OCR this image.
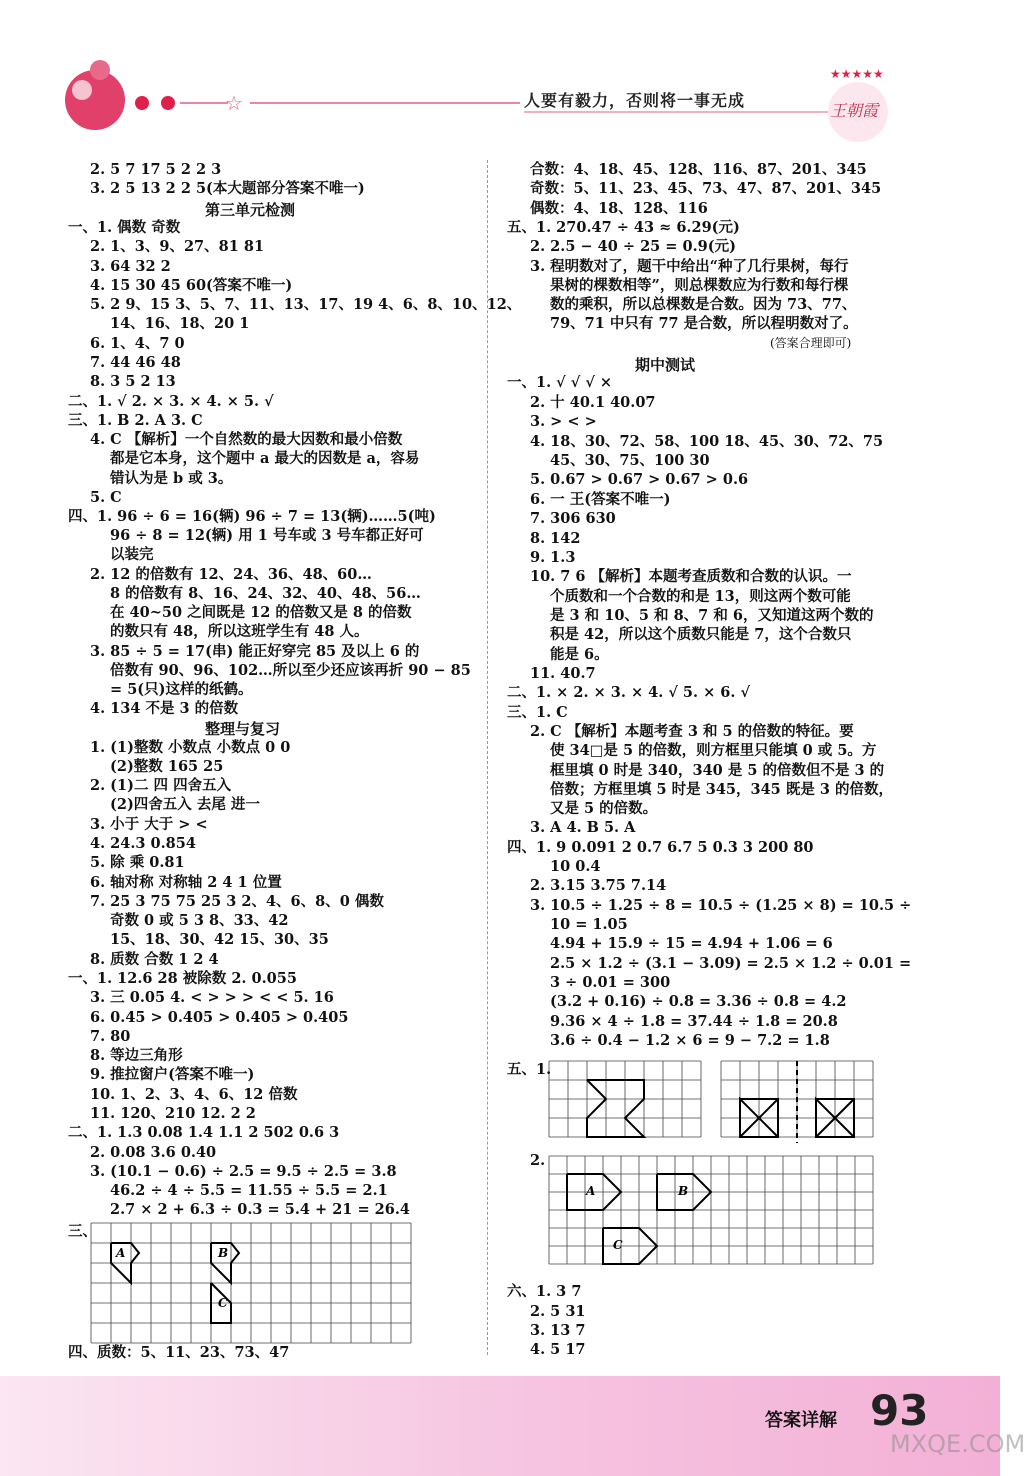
☆
★★★★★
人要有毅力，否则将一事无成
王朝霞
A	B
C
A	B
C
答案详解 93
MXQE.COM
2. 5 7 17 5 2 2 3
3. 2 5 13 2 2 5(本大题部分答案不唯一)
第三单元检测
一、1. 偶数 奇数
2. 1、3、9、27、81 81
3. 64 32 2
4. 15 30 45 60(答案不唯一)
5. 2 9、15 3、5、7、11、13、17、19 4、6、8、10、12、
14、16、18、20 1
6. 1、4、7 0
7. 44 46 48
8. 3 5 2 13
二、1. √ 2. × 3. × 4. × 5. √
三、1. B 2. A 3. C
4. C 【解析】一个自然数的最大因数和最小倍数
都是它本身，这个题中 a 最大的因数是 a，容易
错认为是 b 或 3。
5. C
四、1. 96 ÷ 6 = 16(辆) 96 ÷ 7 = 13(辆)……5(吨)
96 ÷ 8 = 12(辆) 用 1 号车或 3 号车都正好可
以装完
2. 12 的倍数有 12、24、36、48、60…
8 的倍数有 8、16、24、32、40、48、56…
在 40~50 之间既是 12 的倍数又是 8 的倍数
的数只有 48，所以这班学生有 48 人。
3. 85 ÷ 5 = 17(串) 能正好穿完 85 及以上 6 的
倍数有 90、96、102…所以至少还应该再折 90 − 85
= 5(只)这样的纸鹤。
4. 134 不是 3 的倍数
整理与复习
1. (1)整数 小数点 小数点 0 0
(2)整数 165 25
2. (1)二 四 四舍五入
(2)四舍五入 去尾 进一
3. 小于 大于 > <
4. 24.3 0.854
5. 除 乘 0.81
6. 轴对称 对称轴 2 4 1 位置
7. 25 3 75 75 25 3 2、4、6、8、0 偶数
奇数 0 或 5 3 8、33、42
15、18、30、42 15、30、35
8. 质数 合数 1 2 4
一、1. 12.6 28 被除数 2. 0.055
3. 三 0.05 4. < > > > < < 5. 16
6. 0.45 > 0.405 > 0.405 > 0.405
7. 80
8. 等边三角形
9. 推拉窗户(答案不唯一)
10. 1、2、3、4、6、12 倍数
11. 120、210 12. 2 2
二、1. 1.3 0.08 1.4 1.1 2 502 0.6 3
2. 0.08 3.6 0.40
3. (10.1 − 0.6) ÷ 2.5 = 9.5 ÷ 2.5 = 3.8
46.2 ÷ 4 ÷ 5.5 = 11.55 ÷ 5.5 = 2.1
2.7 × 2 + 6.3 ÷ 0.3 = 5.4 + 21 = 26.4
三、
四、质数：5、11、23、73、47
合数：4、18、45、128、116、87、201、345
奇数：5、11、23、45、73、47、87、201、345
偶数：4、18、128、116
五、1. 270.47 ÷ 43 ≈ 6.29(元)
2. 2.5 − 40 ÷ 25 = 0.9(元)
3. 程明数对了，题干中给出“种了几行果树，每行
果树的棵数相等”，则总棵数应为行数和每行棵
数的乘积，所以总棵数是合数。因为 73、77、
79、71 中只有 77 是合数，所以程明数对了。
(答案合理即可)
期中测试
一、1. √ √ √ ×
2. 十 40.1 40.07
3. > < >
4. 18、30、72、58、100 18、45、30、72、75
45、30、75、100 30
5. 0.67 > 0.67 > 0.67 > 0.6
6. 一 王(答案不唯一)
7. 306 630
8. 142
9. 1.3
10. 7 6 【解析】本题考查质数和合数的认识。一
个质数和一个合数的和是 13，则这两个数可能
是 3 和 10、5 和 8、7 和 6，又知道这两个数的
积是 42，所以这个质数只能是 7，这个合数只
能是 6。
11. 40.7
二、1. × 2. × 3. × 4. √ 5. × 6. √
三、1. C
2. C 【解析】本题考查 3 和 5 的倍数的特征。要
使 34□是 5 的倍数，则方框里只能填 0 或 5。方
框里填 0 时是 340，340 是 5 的倍数但不是 3 的
倍数；方框里填 5 时是 345，345 既是 3 的倍数，
又是 5 的倍数。
3. A 4. B 5. A
四、1. 9 0.091 2 0.7 6.7 5 0.3 3 200 80
10 0.4
2. 3.15 3.75 7.14
3. 10.5 ÷ 1.25 ÷ 8 = 10.5 ÷ (1.25 × 8) = 10.5 ÷
10 = 1.05
4.94 + 15.9 ÷ 15 = 4.94 + 1.06 = 6
2.5 × 1.2 ÷ (3.1 − 3.09) = 2.5 × 1.2 ÷ 0.01 =
3 ÷ 0.01 = 300
(3.2 + 0.16) ÷ 0.8 = 3.36 ÷ 0.8 = 4.2
9.36 × 4 ÷ 1.8 = 37.44 ÷ 1.8 = 20.8
3.6 ÷ 0.4 − 1.2 × 6 = 9 − 7.2 = 1.8
五、1.
2.
六、1. 3 7
2. 5 31
3. 13 7
4. 5 17
